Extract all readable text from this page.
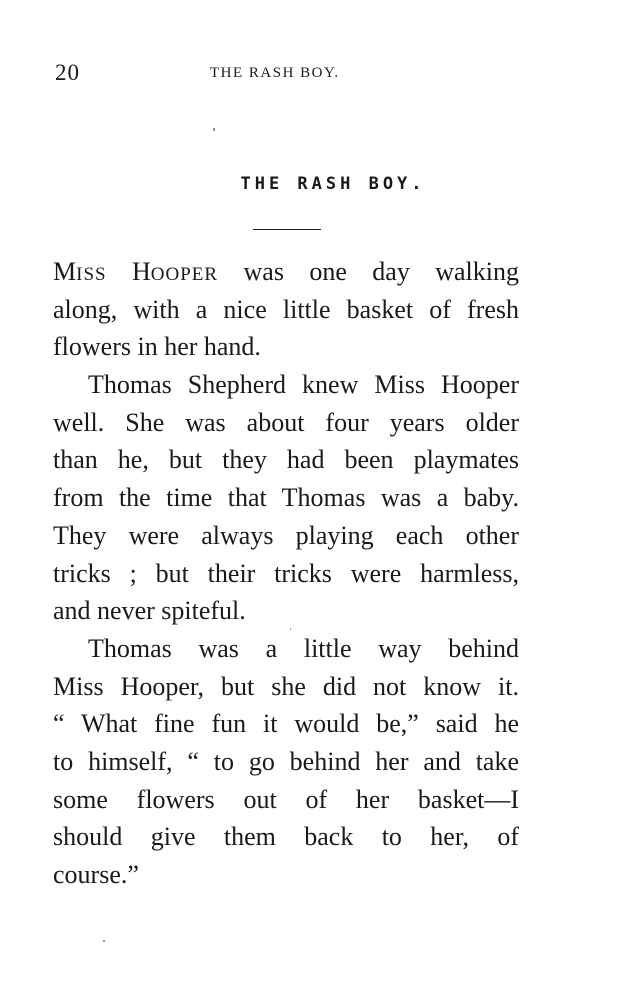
20	THE RASH BOY.
THE RASH BOY.
MISS HOOPER was one day walking
along, with a nice little basket of fresh
flowers in her hand.
Thomas Shepherd knew Miss Hooper
well. She was about four years older
than he, but they had been playmates
from the time that Thomas was a baby.
They were always playing each other
tricks ; but their tricks were harmless,
and never spiteful.
Thomas was a little way behind
Miss Hooper, but she did not know it.
“ What fine fun it would be,” said he
to himself, “ to go behind her and take
some flowers out of her basket—I
should give them back to her, of
course.”
